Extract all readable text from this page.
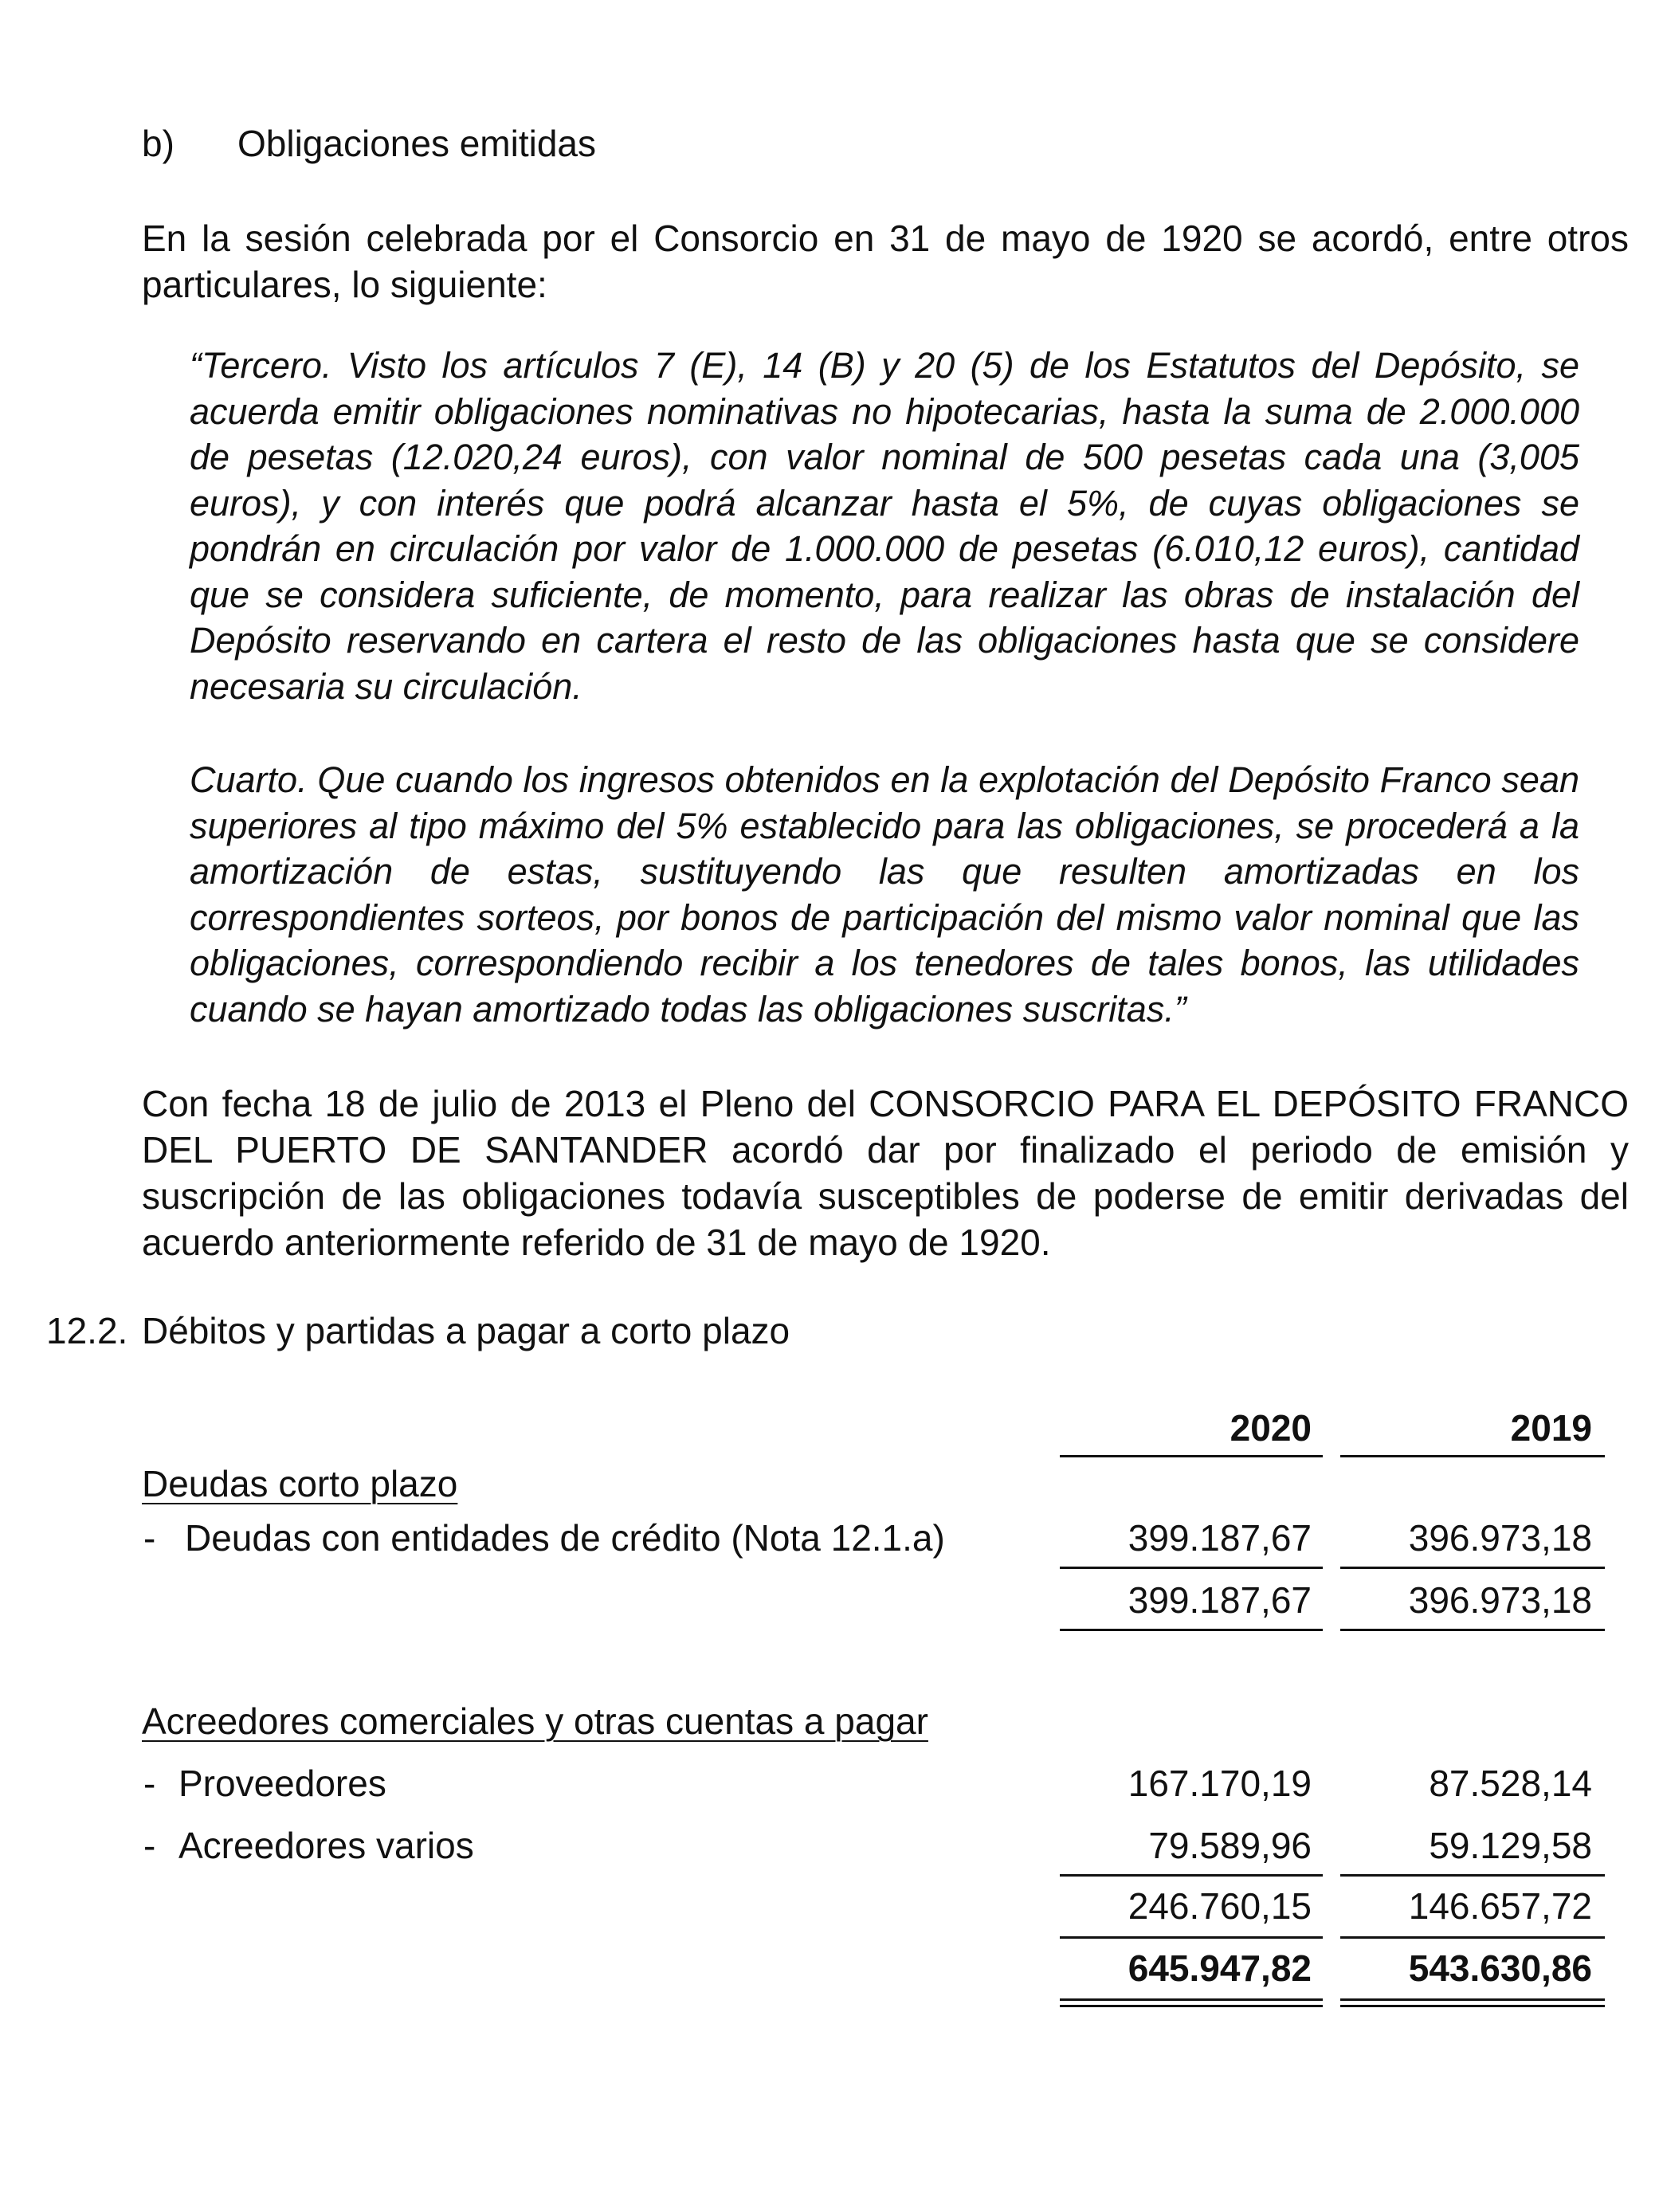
b) Obligaciones emitidas

En la sesión celebrada por el Consorcio en 31 de mayo de 1920 se acordó, entre otros particulares, lo siguiente:

“Tercero. Visto los artículos 7 (E), 14 (B) y 20 (5) de los Estatutos del Depósito, se acuerda emitir obligaciones nominativas no hipotecarias, hasta la suma de 2.000.000 de pesetas (12.020,24 euros), con valor nominal de 500 pesetas cada una (3,005 euros), y con interés que podrá alcanzar hasta el 5%, de cuyas obligaciones se pondrán en circulación por valor de 1.000.000 de pesetas (6.010,12 euros), cantidad que se considera suficiente, de momento, para realizar las obras de instalación del Depósito reservando en cartera el resto de las obligaciones hasta que se considere necesaria su circulación.

Cuarto. Que cuando los ingresos obtenidos en la explotación del Depósito Franco sean superiores al tipo máximo del 5% establecido para las obligaciones, se procederá a la amortización de estas, sustituyendo las que resulten amortizadas en los correspondientes sorteos, por bonos de participación del mismo valor nominal que las obligaciones, correspondiendo recibir a los tenedores de tales bonos, las utilidades cuando se hayan amortizado todas las obligaciones suscritas.”

Con fecha 18 de julio de 2013 el Pleno del CONSORCIO PARA EL DEPÓSITO FRANCO DEL PUERTO DE SANTANDER acordó dar por finalizado el periodo de emisión y suscripción de las obligaciones todavía susceptibles de poderse de emitir derivadas del acuerdo anteriormente referido de 31 de mayo de 1920.

12.2. Débitos y partidas a pagar a corto plazo
2020	2019
Deudas corto plazo
- Deudas con entidades de crédito (Nota 12.1.a)	399.187,67	396.973,18
399.187,67	396.973,18
Acreedores comerciales y otras cuentas a pagar
- Proveedores	167.170,19	87.528,14
- Acreedores varios	79.589,96	59.129,58
246.760,15	146.657,72
645.947,82	543.630,86
